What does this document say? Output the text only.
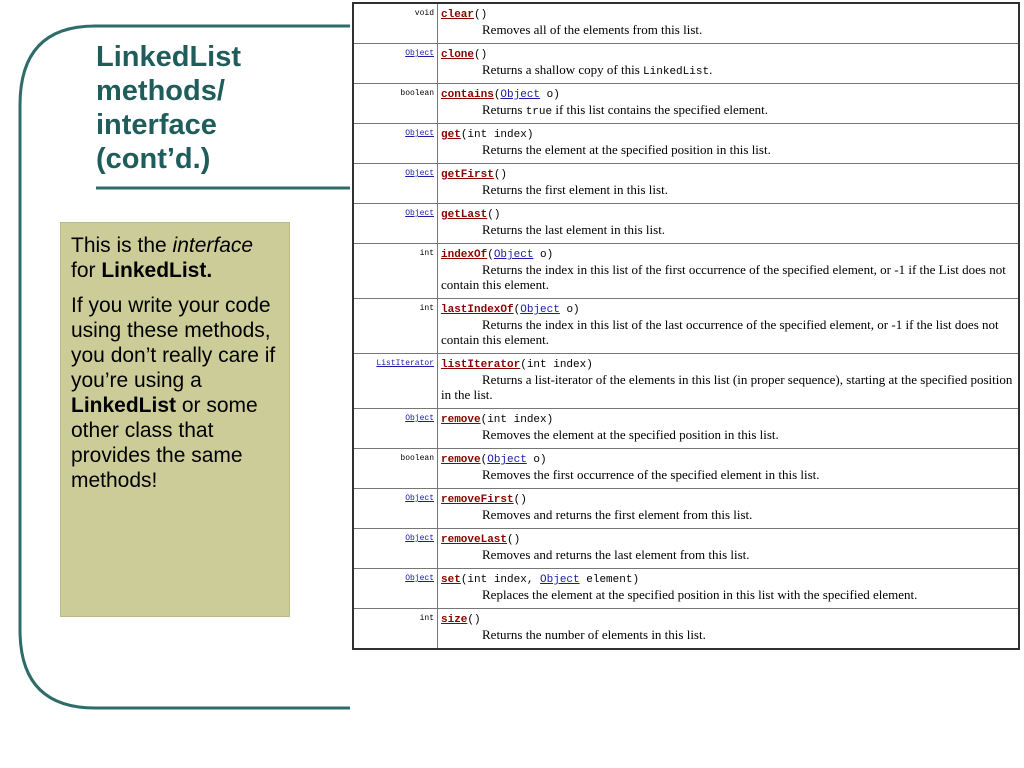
LinkedList
methods/
interface
(cont’d.)

This is the interface for LinkedList.

If you write your code using these methods, you don’t really care if you’re using a LinkedList or some other class that provides the same methods!

void	clear()
Removes all of the elements from this list.

Object	clone()
Returns a shallow copy of this LinkedList.

boolean	contains(Object o)
Returns true if this list contains the specified element.

Object	get(int index)
Returns the element at the specified position in this list.

Object	getFirst()
Returns the first element in this list.

Object	getLast()
Returns the last element in this list.

int	indexOf(Object o)
Returns the index in this list of the first occurrence of the specified element, or -1 if the List does not contain this element.

int	lastIndexOf(Object o)
Returns the index in this list of the last occurrence of the specified element, or -1 if the list does not contain this element.

ListIterator	listIterator(int index)
Returns a list-iterator of the elements in this list (in proper sequence), starting at the specified position in the list.

Object	remove(int index)
Removes the element at the specified position in this list.

boolean	remove(Object o)
Removes the first occurrence of the specified element in this list.

Object	removeFirst()
Removes and returns the first element from this list.

Object	removeLast()
Removes and returns the last element from this list.

Object	set(int index, Object element)
Replaces the element at the specified position in this list with the specified element.

int	size()
Returns the number of elements in this list.
